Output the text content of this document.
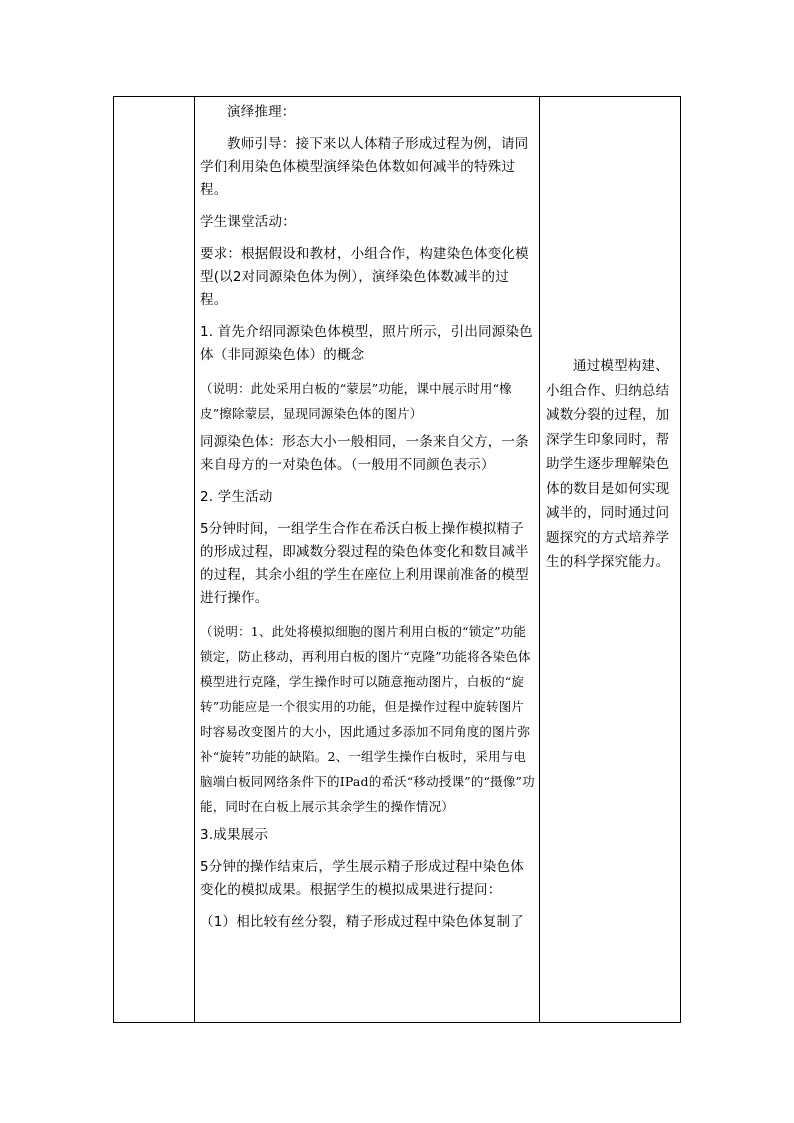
演绎推理：

教师引导：接下来以人体精子形成过程为例，请同学们利用染色体模型演绎染色体数如何减半的特殊过程。

学生课堂活动：

要求：根据假设和教材，小组合作，构建染色体变化模型(以2对同源染色体为例），演绎染色体数减半的过程。

1. 首先介绍同源染色体模型，照片所示，引出同源染色体（非同源染色体）的概念

（说明：此处采用白板的“蒙层”功能，课中展示时用“橡皮”擦除蒙层，显现同源染色体的图片）

同源染色体：形态大小一般相同，一条来自父方，一条来自母方的一对染色体。（一般用不同颜色表示）

2. 学生活动

5分钟时间，一组学生合作在希沃白板上操作模拟精子的形成过程，即减数分裂过程的染色体变化和数目减半的过程，其余小组的学生在座位上利用课前准备的模型进行操作。

（说明：1、此处将模拟细胞的图片利用白板的“锁定”功能锁定，防止移动，再利用白板的图片“克隆”功能将各染色体模型进行克隆，学生操作时可以随意拖动图片，白板的“旋转”功能应是一个很实用的功能，但是操作过程中旋转图片时容易改变图片的大小，因此通过多添加不同角度的图片弥补“旋转”功能的缺陷。2、一组学生操作白板时，采用与电脑端白板同网络条件下的IPad的希沃“移动授课”的“摄像”功能，同时在白板上展示其余学生的操作情况）

3.成果展示

5分钟的操作结束后，学生展示精子形成过程中染色体变化的模拟成果。根据学生的模拟成果进行提问：

（1）相比较有丝分裂，精子形成过程中染色体复制了

通过模型构建、小组合作、归纳总结减数分裂的过程，加深学生印象同时，帮助学生逐步理解染色体的数目是如何实现减半的，同时通过问题探究的方式培养学生的科学探究能力。
